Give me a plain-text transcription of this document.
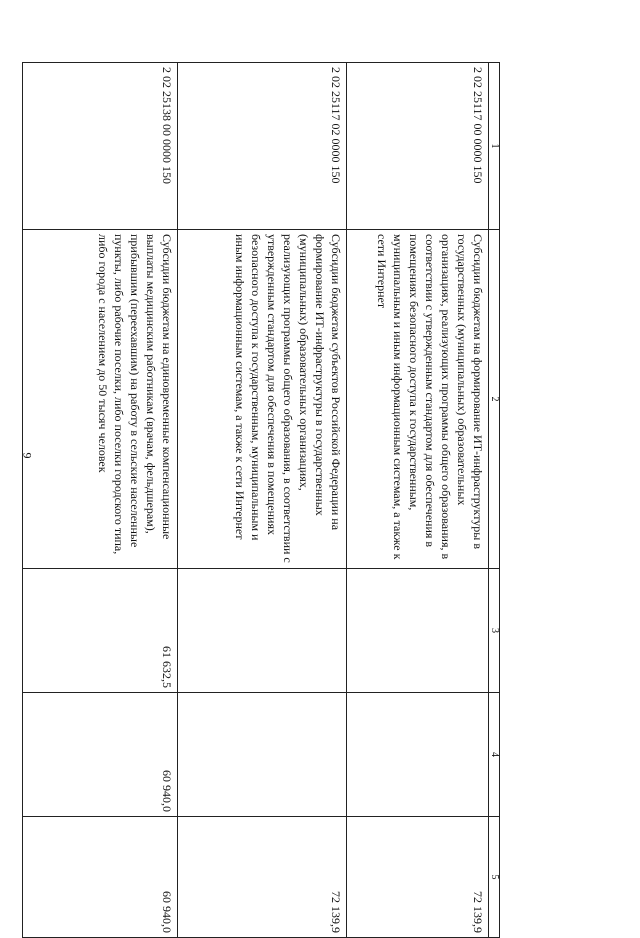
9
1	2	3	4	5
2 02 25117 00 0000 150	Субсидии бюджетам на формирование ИТ-инфраструктуры в государственных (муниципальных) образовательных организациях, реализующих программы общего образования, в соответствии с утвержденным стандартом для обеспечения в помещениях безопасного доступа к государственным, муниципальным и иным информационным системам, а также к сети Интернет			72 139,9
2 02 25117 02 0000 150	Субсидии бюджетам субъектов Российской Федерации на формирование ИТ-инфраструктуры в государственных (муниципальных) образовательных организациях, реализующих программы общего образования, в соответствии с утвержденным стандартом для обеспечения в помещениях безопасного доступа к государственным, муниципальным и иным информационным системам, а также к сети Интернет			72 139,9
2 02 25138 00 0000 150	Субсидии бюджетам на единовременные компенсационные выплаты медицинским работникам (врачам, фельдшерам), прибывшим (переехавшим) на работу в сельские населенные пункты, либо рабочие поселки, либо поселки городского типа, либо города с населением до 50 тысяч человек	61 632,5	60 940,0	60 940,0
